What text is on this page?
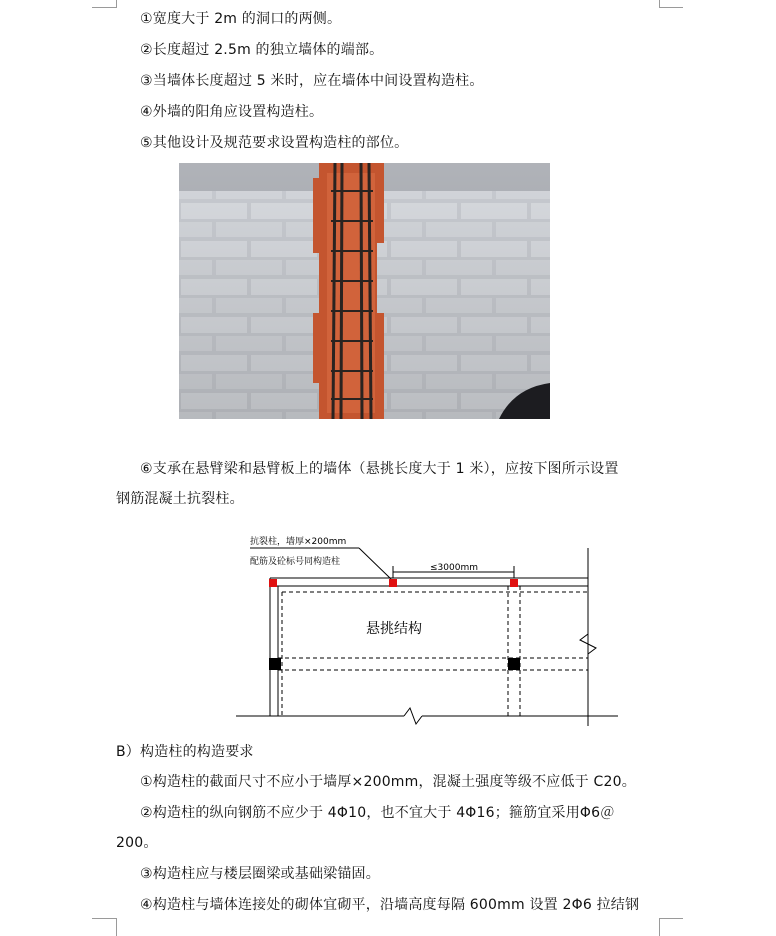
①宽度大于 2m 的洞口的两侧。
②长度超过 2.5m 的独立墙体的端部。
③当墙体长度超过 5 米时，应在墙体中间设置构造柱。
④外墙的阳角应设置构造柱。
⑤其他设计及规范要求设置构造柱的部位。
⑥支承在悬臂梁和悬臂板上的墙体（悬挑长度大于 1 米），应按下图所示设置
钢筋混凝土抗裂柱。
抗裂柱，墙厚×200mm
配筋及砼标号同构造柱
≤3000mm
悬挑结构
B）构造柱的构造要求
①构造柱的截面尺寸不应小于墙厚×200mm，混凝土强度等级不应低于 C20。
②构造柱的纵向钢筋不应少于 4Φ10，也不宜大于 4Φ16；箍筋宜采用Φ6＠
200。
③构造柱应与楼层圈梁或基础梁锚固。
④构造柱与墙体连接处的砌体宜砌平，沿墙高度每隔 600mm 设置 2Φ6 拉结钢
